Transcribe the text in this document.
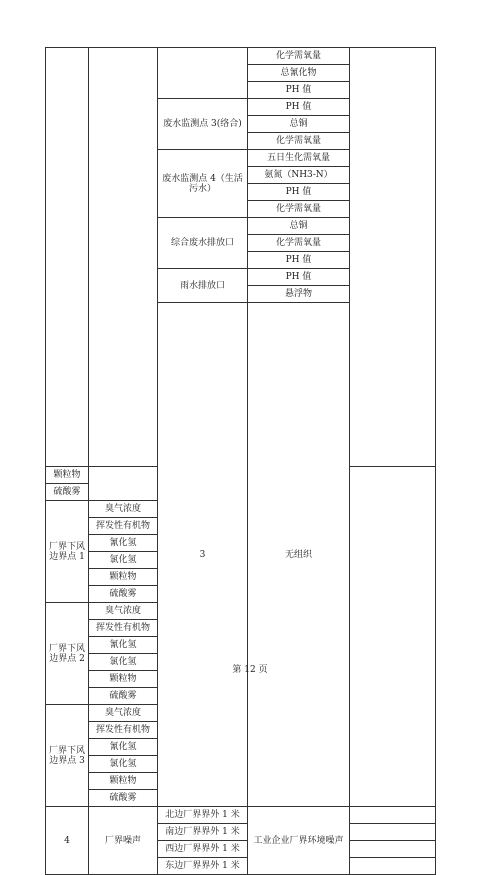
			化学需氧量		
			总氰化物		
			PH 值		
		废水监测点 3(络合)	PH 值		
			总铜		
			化学需氧量		
		废水监测点 4（生活污水）	五日生化需氧量		
			氨氮（NH3-N）		
			PH 值		
			化学需氧量		
		综合废水排放口	总铜		
			化学需氧量		
			PH 值		
		雨水排放口	PH 值		
			悬浮物		
		3	无组织			

颗粒物					
硫酸雾					
厂界下风边界点 1	臭气浓度				
	挥发性有机物				
	氰化氢				
	氯化氢				
	颗粒物				
	硫酸雾				
厂界下风边界点 2	臭气浓度				
	挥发性有机物				
	氰化氢				
	氯化氢				
	颗粒物				
	硫酸雾				
厂界下风边界点 3	臭气浓度				
	挥发性有机物				
	氰化氢				
	氯化氢				
	颗粒物				
	硫酸雾				
4	厂界噪声	北边厂界界外 1 米	工业企业厂界环境噪声		
		南边厂界界外 1 米			
		西边厂界界外 1 米			
		东边厂界界外 1 米			
第 12 页
